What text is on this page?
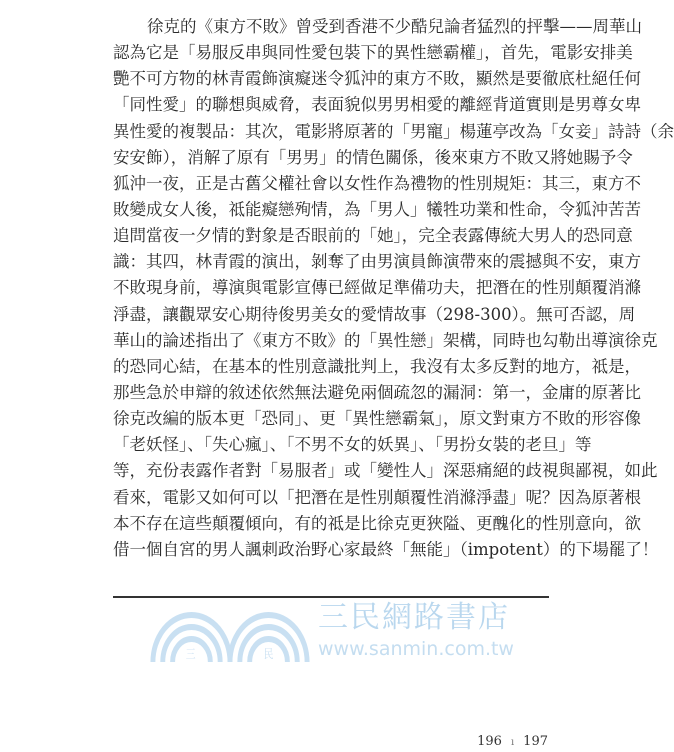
徐克的《東方不敗》曾受到香港不少酷兒論者猛烈的抨擊——周華山
認為它是「易服反串與同性愛包裝下的異性戀霸權」，首先，電影安排美
艷不可方物的林青霞飾演癡迷令狐沖的東方不敗，顯然是要徹底杜絕任何
「同性愛」的聯想與威脅，表面貌似男男相愛的離經背道實則是男尊女卑
異性愛的複製品：其次，電影將原著的「男寵」楊蓮亭改為「女妾」詩詩（余
安安飾），消解了原有「男男」的情色關係，後來東方不敗又將她賜予令
狐沖一夜，正是古舊父權社會以女性作為禮物的性別規矩：其三，東方不
敗變成女人後，祗能癡戀殉情，為「男人」犧牲功業和性命，令狐沖苦苦
追問當夜一夕情的對象是否眼前的「她」，完全表露傳統大男人的恐同意
識：其四，林青霞的演出，剝奪了由男演員飾演帶來的震撼與不安，東方
不敗現身前，導演與電影宣傳已經做足準備功夫，把潛在的性別顛覆消滌
淨盡，讓觀眾安心期待俊男美女的愛情故事（298-300）。無可否認，周
華山的論述指出了《東方不敗》的「異性戀」架構，同時也勾勒出導演徐克
的恐同心結，在基本的性別意識批判上，我沒有太多反對的地方，祗是，
那些急於申辯的敘述依然無法避免兩個疏忽的漏洞：第一，金庸的原著比
徐克改編的版本更「恐同」、更「異性戀霸氣」，原文對東方不敗的形容像
「老妖怪」、「失心瘋」、「不男不女的妖異」、「男扮女裝的老旦」等
等，充份表露作者對「易服者」或「變性人」深惡痛絕的歧視與鄙視，如此
看來，電影又如何可以「把潛在是性別顛覆性消滌淨盡」呢？因為原著根
本不存在這些顛覆傾向，有的祗是比徐克更狹隘、更醜化的性別意向，欲
借一個自宮的男人諷刺政治野心家最終「無能」（impotent）的下場罷了！
三	民
三民網路書店
www.sanmin.com.tw
196 ı 197
